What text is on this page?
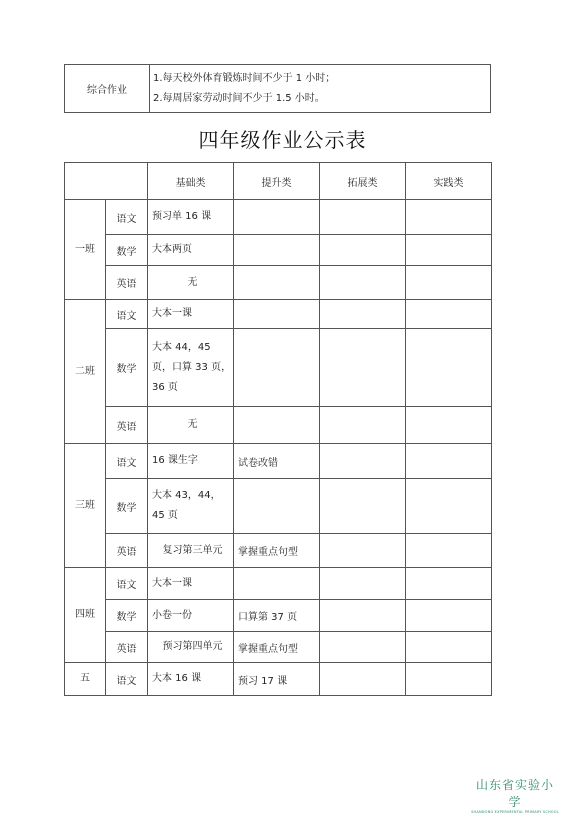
综合作业	
1.每天校外体育锻炼时间不少于 1 小时；
2.每周居家劳动时间不少于 1.5 小时。
四年级作业公示表
		基础类	提升类	拓展类	实践类
一班	语文	预习单 16 课			
	数学	大本两页			
	英语	无			
二班	语文	大本一课			
	数学	大本 44，45 页，口算 33 页，36 页			
	英语	无			
三班	语文	16 课生字	试卷改错		
	数学	大本 43，44，45 页			
	英语	复习第三单元	掌握重点句型		
四班	语文	大本一课			
	数学	小卷一份	口算第 37 页		
	英语	预习第四单元	掌握重点句型		
五	语文	大本 16 课	预习 17 课		
山东省实验小学
SHANDONG EXPERIMENTAL PRIMARY SCHOOL
